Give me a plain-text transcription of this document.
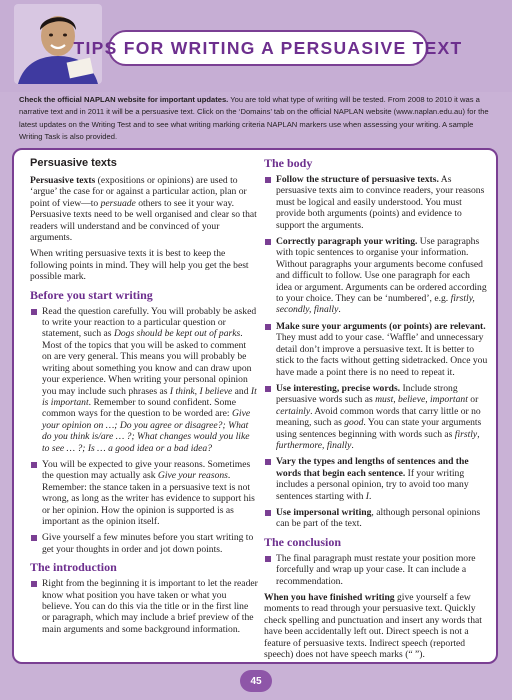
TIPS FOR WRITING A PERSUASIVE TEXT
Check the official NAPLAN website for important updates. You are told what type of writing will be tested. From 2008 to 2010 it was a narrative text and in 2011 it will be a persuasive text. Click on the ‘Domains’ tab on the official NAPLAN website (www.naplan.edu.au) for the latest updates on the Writing Test and to see what writing marking criteria NAPLAN markers use when assessing your writing. A sample Writing Task is also provided.
Persuasive texts

Persuasive texts (expositions or opinions) are used to ‘argue’ the case for or against a particular action, plan or point of view—to persuade others to see it your way. Persuasive texts need to be well organised and clear so that readers will understand and be convinced of your arguments.

When writing persuasive texts it is best to keep the following points in mind. They will help you get the best possible mark.

Before you start writing

Read the question carefully. You will probably be asked to write your reaction to a particular question or statement, such as Dogs should be kept out of parks. Most of the topics that you will be asked to comment on are very general. This means you will probably be writing about something you know and can draw upon your experience. When writing your personal opinion you may include such phrases as I think, I believe and It is important. Remember to sound confident. Some common ways for the question to be worded are: Give your opinion on …; Do you agree or disagree?; What do you think is/are … ?; What changes would you like to see … ?; Is … a good idea or a bad idea?

You will be expected to give your reasons. Sometimes the question may actually ask Give your reasons. Remember: the stance taken in a persuasive text is not wrong, as long as the writer has evidence to support his or her opinion. How the opinion is supported is as important as the opinion itself.

Give yourself a few minutes before you start writing to get your thoughts in order and jot down points.

The introduction

Right from the beginning it is important to let the reader know what position you have taken or what you believe. You can do this via the title or in the first line or paragraph, which may include a brief preview of the main arguments and some background information.

The body

Follow the structure of persuasive texts. As persuasive texts aim to convince readers, your reasons must be logical and easily understood. You must provide both arguments (points) and evidence to support the arguments.

Correctly paragraph your writing. Use paragraphs with topic sentences to organise your information. Without paragraphs your arguments become confused and difficult to follow. Use one paragraph for each idea or argument. Arguments can be ordered according to your choice. They can be ‘numbered’, e.g. firstly, secondly, finally.

Make sure your arguments (or points) are relevant. They must add to your case. ‘Waffle’ and unnecessary detail don’t improve a persuasive text. It is better to stick to the facts without getting sidetracked. Once you have made a point there is no need to repeat it.

Use interesting, precise words. Include strong persuasive words such as must, believe, important or certainly. Avoid common words that carry little or no meaning, such as good. You can state your arguments using sentences beginning with words such as firstly, furthermore, finally.

Vary the types and lengths of sentences and the words that begin each sentence. If your writing includes a personal opinion, try to avoid too many sentences starting with I.

Use impersonal writing, although personal opinions can be part of the text.

The conclusion

The final paragraph must restate your position more forcefully and wrap up your case. It can include a recommendation.

When you have finished writing give yourself a few moments to read through your persuasive text. Quickly check spelling and punctuation and insert any words that have been accidentally left out. Direct speech is not a feature of persuasive texts. Indirect speech (reported speech) does not have speech marks (“ ”).

45
